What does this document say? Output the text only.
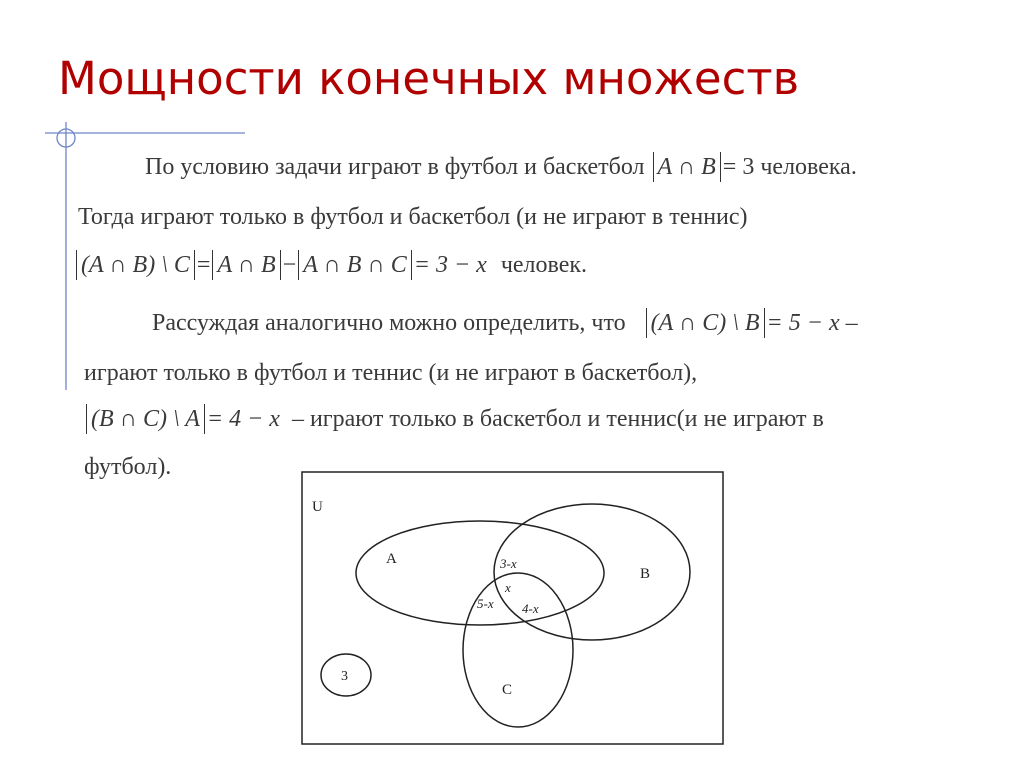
Мощности конечных множеств
По условию задачи играют в футбол и баскетбол A ∩ B = 3 человека.
Тогда играют только в футбол и баскетбол (и не играют в теннис)
(A ∩ B) \ C = A ∩ B − A ∩ B ∩ C = 3 − x человек.
Рассуждая аналогично можно определить, что (A ∩ C) \ B = 5 − x –
играют только в футбол и теннис (и не играют в баскетбол),
(B ∩ C) \ A = 4 − x – играют только в баскетбол и теннис(и не играют в
футбол).
U
A
B
C
3-x
x
5-x 4-x
3
